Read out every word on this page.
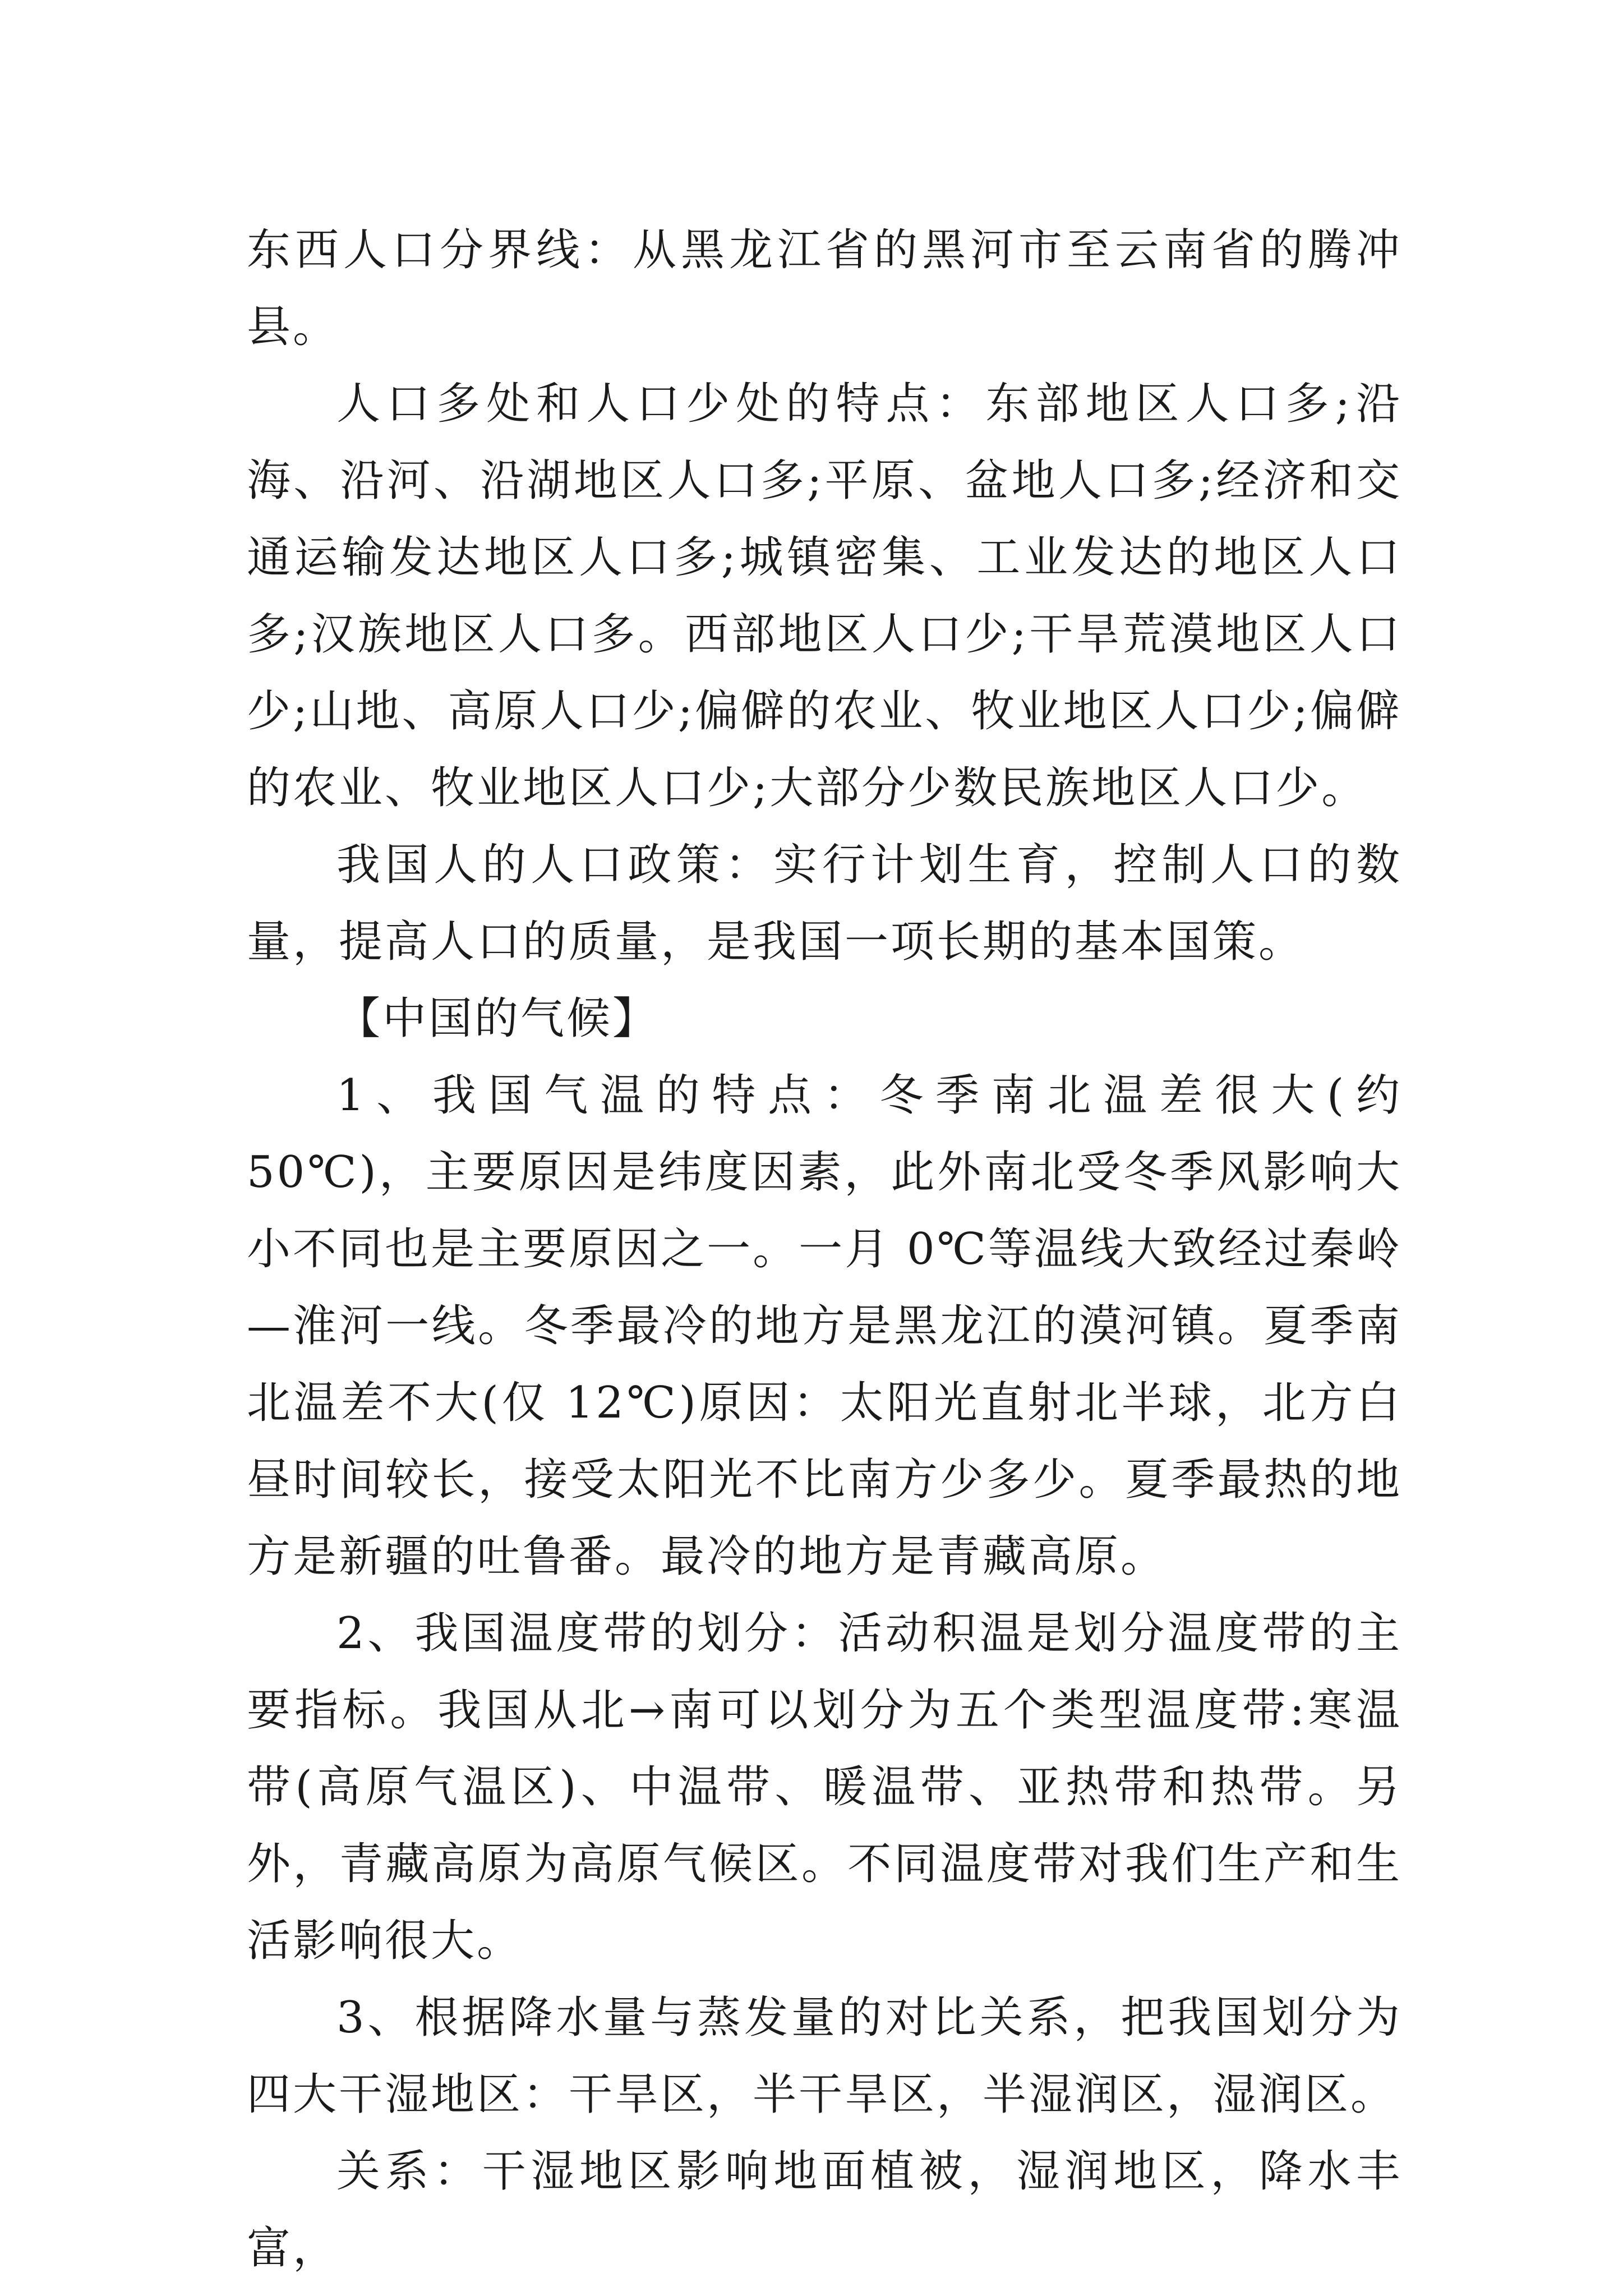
东西人口分界线：从黑龙江省的黑河市至云南省的腾冲县。

人口多处和人口少处的特点：东部地区人口多;沿海、沿河、沿湖地区人口多;平原、盆地人口多;经济和交通运输发达地区人口多;城镇密集、工业发达的地区人口多;汉族地区人口多。西部地区人口少;干旱荒漠地区人口少;山地、高原人口少;偏僻的农业、牧业地区人口少;偏僻的农业、牧业地区人口少;大部分少数民族地区人口少。

我国人的人口政策：实行计划生育，控制人口的数量，提高人口的质量，是我国一项长期的基本国策。

【中国的气候】

1、我国气温的特点：冬季南北温差很大(约 50℃)，主要原因是纬度因素，此外南北受冬季风影响大小不同也是主要原因之一。一月 0℃等温线大致经过秦岭—淮河一线。冬季最冷的地方是黑龙江的漠河镇。夏季南北温差不大(仅 12℃)原因：太阳光直射北半球，北方白昼时间较长，接受太阳光不比南方少多少。夏季最热的地方是新疆的吐鲁番。最冷的地方是青藏高原。

2、我国温度带的划分：活动积温是划分温度带的主要指标。我国从北→南可以划分为五个类型温度带:寒温带(高原气温区)、中温带、暖温带、亚热带和热带。另外，青藏高原为高原气候区。不同温度带对我们生产和生活影响很大。

3、根据降水量与蒸发量的对比关系，把我国划分为四大干湿地区：干旱区，半干旱区，半湿润区，湿润区。

关系：干湿地区影响地面植被，湿润地区，降水丰富，
